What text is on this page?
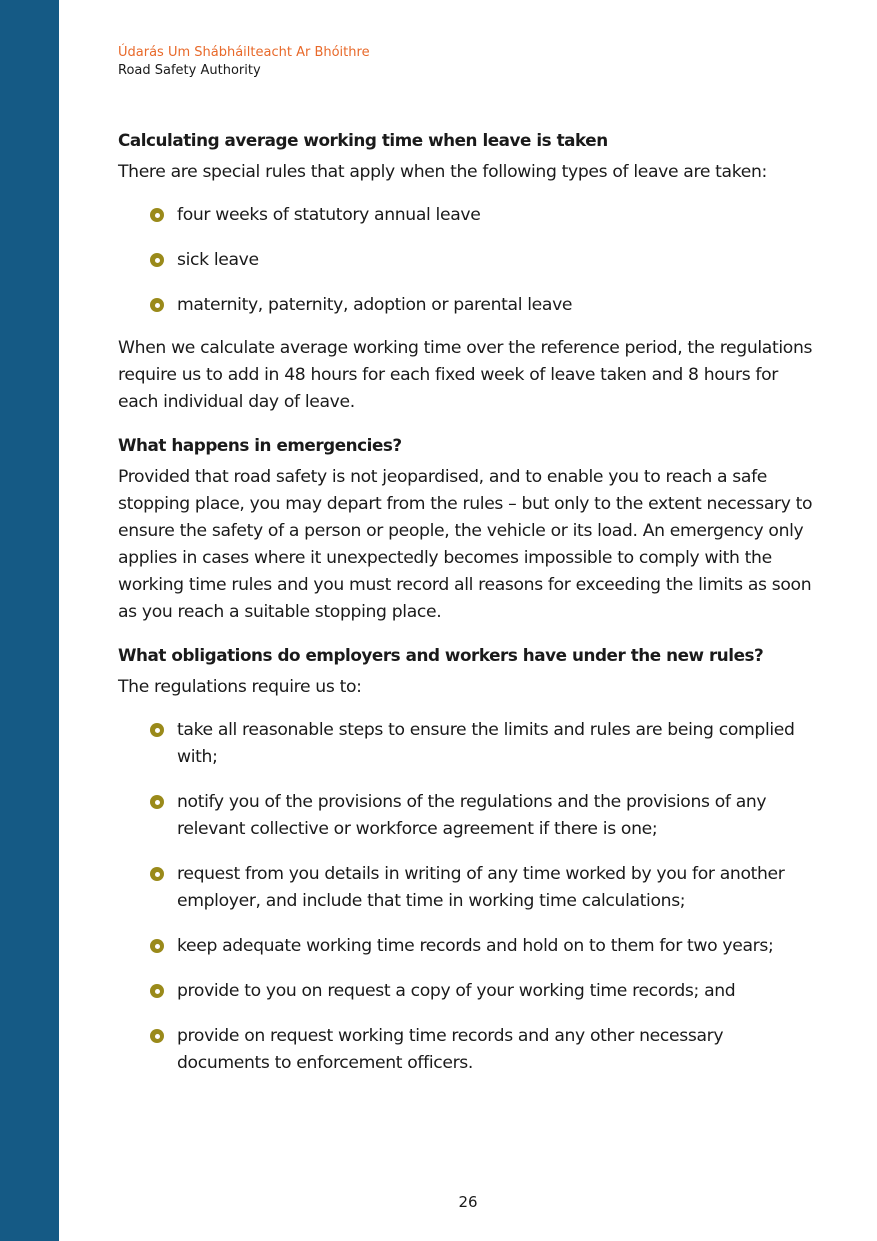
Údarás Um Shábháilteacht Ar Bhóithre
Road Safety Authority
Calculating average working time when leave is taken

There are special rules that apply when the following types of leave are taken:

four weeks of statutory annual leave
sick leave
maternity, paternity, adoption or parental leave

When we calculate average working time over the reference period, the regulations require us to add in 48 hours for each fixed week of leave taken and 8 hours for each individual day of leave.

What happens in emergencies?

Provided that road safety is not jeopardised, and to enable you to reach a safe stopping place, you may depart from the rules – but only to the extent necessary to ensure the safety of a person or people, the vehicle or its load. An emergency only applies in cases where it unexpectedly becomes impossible to comply with the working time rules and you must record all reasons for exceeding the limits as soon as you reach a suitable stopping place.

What obligations do employers and workers have under the new rules?

The regulations require us to:

take all reasonable steps to ensure the limits and rules are being complied with;
notify you of the provisions of the regulations and the provisions of any relevant collective or workforce agreement if there is one;
request from you details in writing of any time worked by you for another employer, and include that time in working time calculations;
keep adequate working time records and hold on to them for two years;
provide to you on request a copy of your working time records; and
provide on request working time records and any other necessary documents to enforcement officers.
26
